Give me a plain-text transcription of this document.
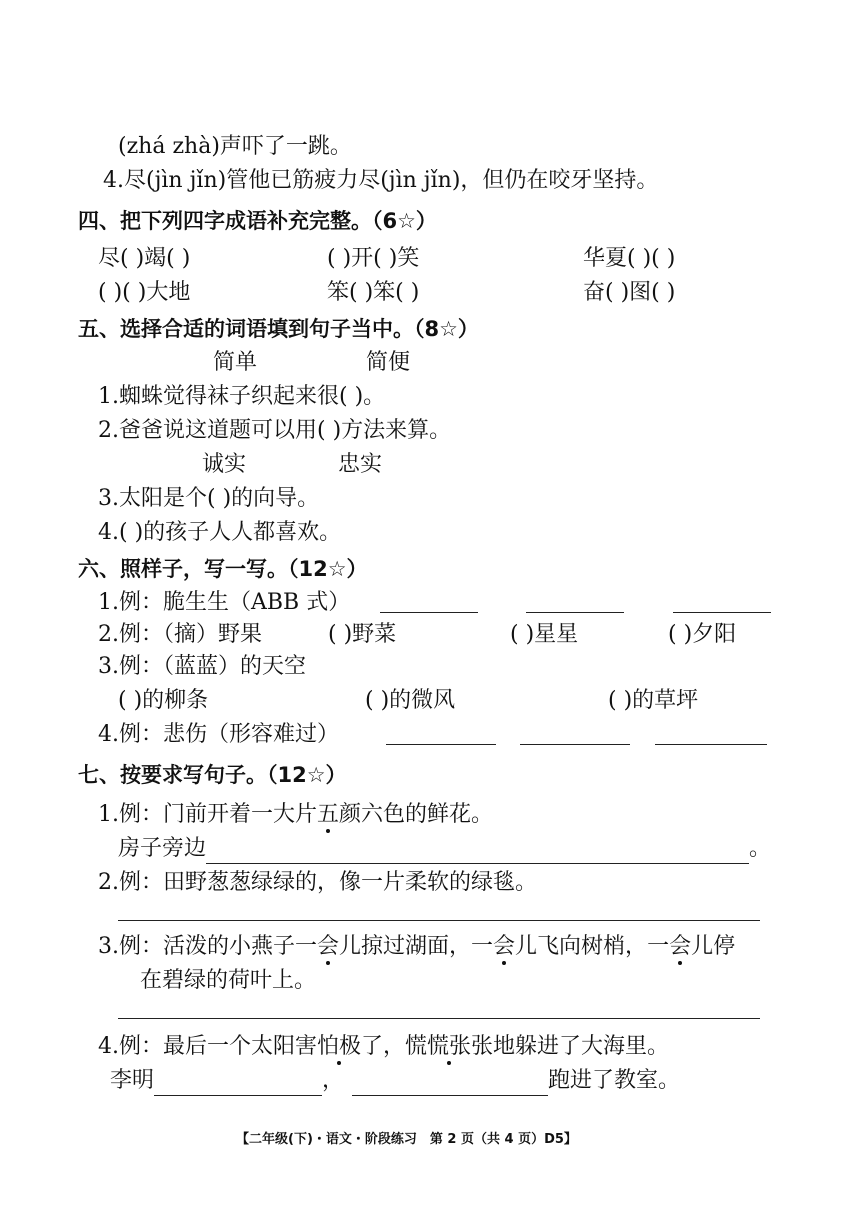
(zhá zhà)声吓了一跳。
4.尽(jìn jǐn)管他已筋疲力尽(jìn jǐn)，但仍在咬牙坚持。
四、把下列四字成语补充完整。（6☆）
尽( )竭( )	( )开( )笑	华夏( )( )
( )( )大地	笨( )笨( )	奋( )图( )
五、选择合适的词语填到句子当中。（8☆）
简单	简便
1.蜘蛛觉得袜子织起来很( )。
2.爸爸说这道题可以用( )方法来算。
诚实	忠实
3.太阳是个( )的向导。
4.( )的孩子人人都喜欢。
六、照样子，写一写。（12☆）
1.例：脆生生（ABB 式）
2.例：（摘）野果	( )野菜	( )星星	( )夕阳
3.例：（蓝蓝）的天空
( )的柳条	( )的微风	( )的草坪
4.例：悲伤（形容难过）
七、按要求写句子。（12☆）
1.例：门前开着一大片五颜六色的鲜花。
房子旁边	。
2.例：田野葱葱绿绿的，像一片柔软的绿毯。
3.例：活泼的小燕子一会儿掠过湖面，一会儿飞向树梢，一会儿停
在碧绿的荷叶上。
4.例：最后一个太阳害怕极了，慌慌张张地躲进了大海里。
李明	，	跑进了教室。
【二年级(下)・语文・阶段练习　第 2 页（共 4 页）D5】
